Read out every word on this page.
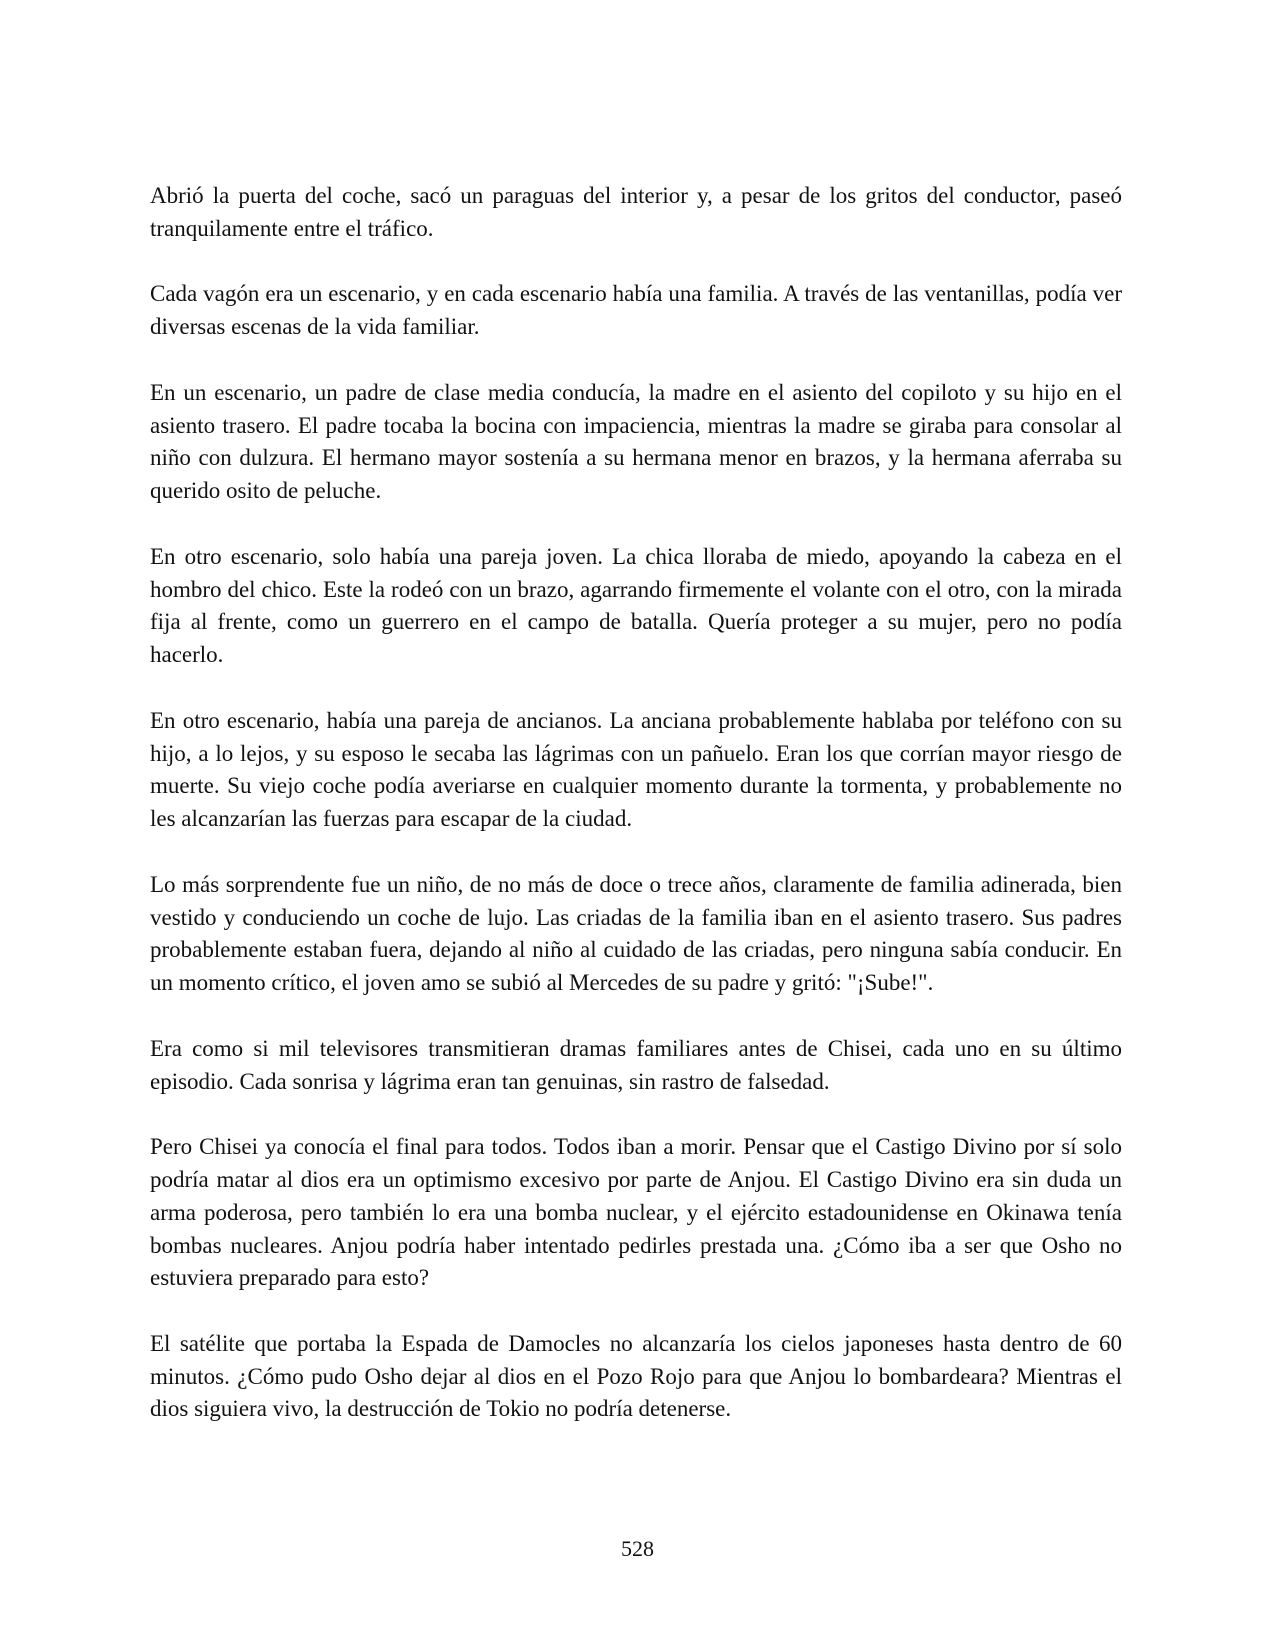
Abrió la puerta del coche, sacó un paraguas del interior y, a pesar de los gritos del conductor, paseó tranquilamente entre el tráfico.

Cada vagón era un escenario, y en cada escenario había una familia. A través de las ventanillas, podía ver diversas escenas de la vida familiar.

En un escenario, un padre de clase media conducía, la madre en el asiento del copiloto y su hijo en el asiento trasero. El padre tocaba la bocina con impaciencia, mientras la madre se giraba para consolar al niño con dulzura. El hermano mayor sostenía a su hermana menor en brazos, y la hermana aferraba su querido osito de peluche.

En otro escenario, solo había una pareja joven. La chica lloraba de miedo, apoyando la cabeza en el hombro del chico. Este la rodeó con un brazo, agarrando firmemente el volante con el otro, con la mirada fija al frente, como un guerrero en el campo de batalla. Quería proteger a su mujer, pero no podía hacerlo.

En otro escenario, había una pareja de ancianos. La anciana probablemente hablaba por teléfono con su hijo, a lo lejos, y su esposo le secaba las lágrimas con un pañuelo. Eran los que corrían mayor riesgo de muerte. Su viejo coche podía averiarse en cualquier momento durante la tormenta, y probablemente no les alcanzarían las fuerzas para escapar de la ciudad.

Lo más sorprendente fue un niño, de no más de doce o trece años, claramente de familia adinerada, bien vestido y conduciendo un coche de lujo. Las criadas de la familia iban en el asiento trasero. Sus padres probablemente estaban fuera, dejando al niño al cuidado de las criadas, pero ninguna sabía conducir. En un momento crítico, el joven amo se subió al Mercedes de su padre y gritó: "¡Sube!".

Era como si mil televisores transmitieran dramas familiares antes de Chisei, cada uno en su último episodio. Cada sonrisa y lágrima eran tan genuinas, sin rastro de falsedad.

Pero Chisei ya conocía el final para todos. Todos iban a morir. Pensar que el Castigo Divino por sí solo podría matar al dios era un optimismo excesivo por parte de Anjou. El Castigo Divino era sin duda un arma poderosa, pero también lo era una bomba nuclear, y el ejército estadounidense en Okinawa tenía bombas nucleares. Anjou podría haber intentado pedirles prestada una. ¿Cómo iba a ser que Osho no estuviera preparado para esto?

El satélite que portaba la Espada de Damocles no alcanzaría los cielos japoneses hasta dentro de 60 minutos. ¿Cómo pudo Osho dejar al dios en el Pozo Rojo para que Anjou lo bombardeara? Mientras el dios siguiera vivo, la destrucción de Tokio no podría detenerse.

528
